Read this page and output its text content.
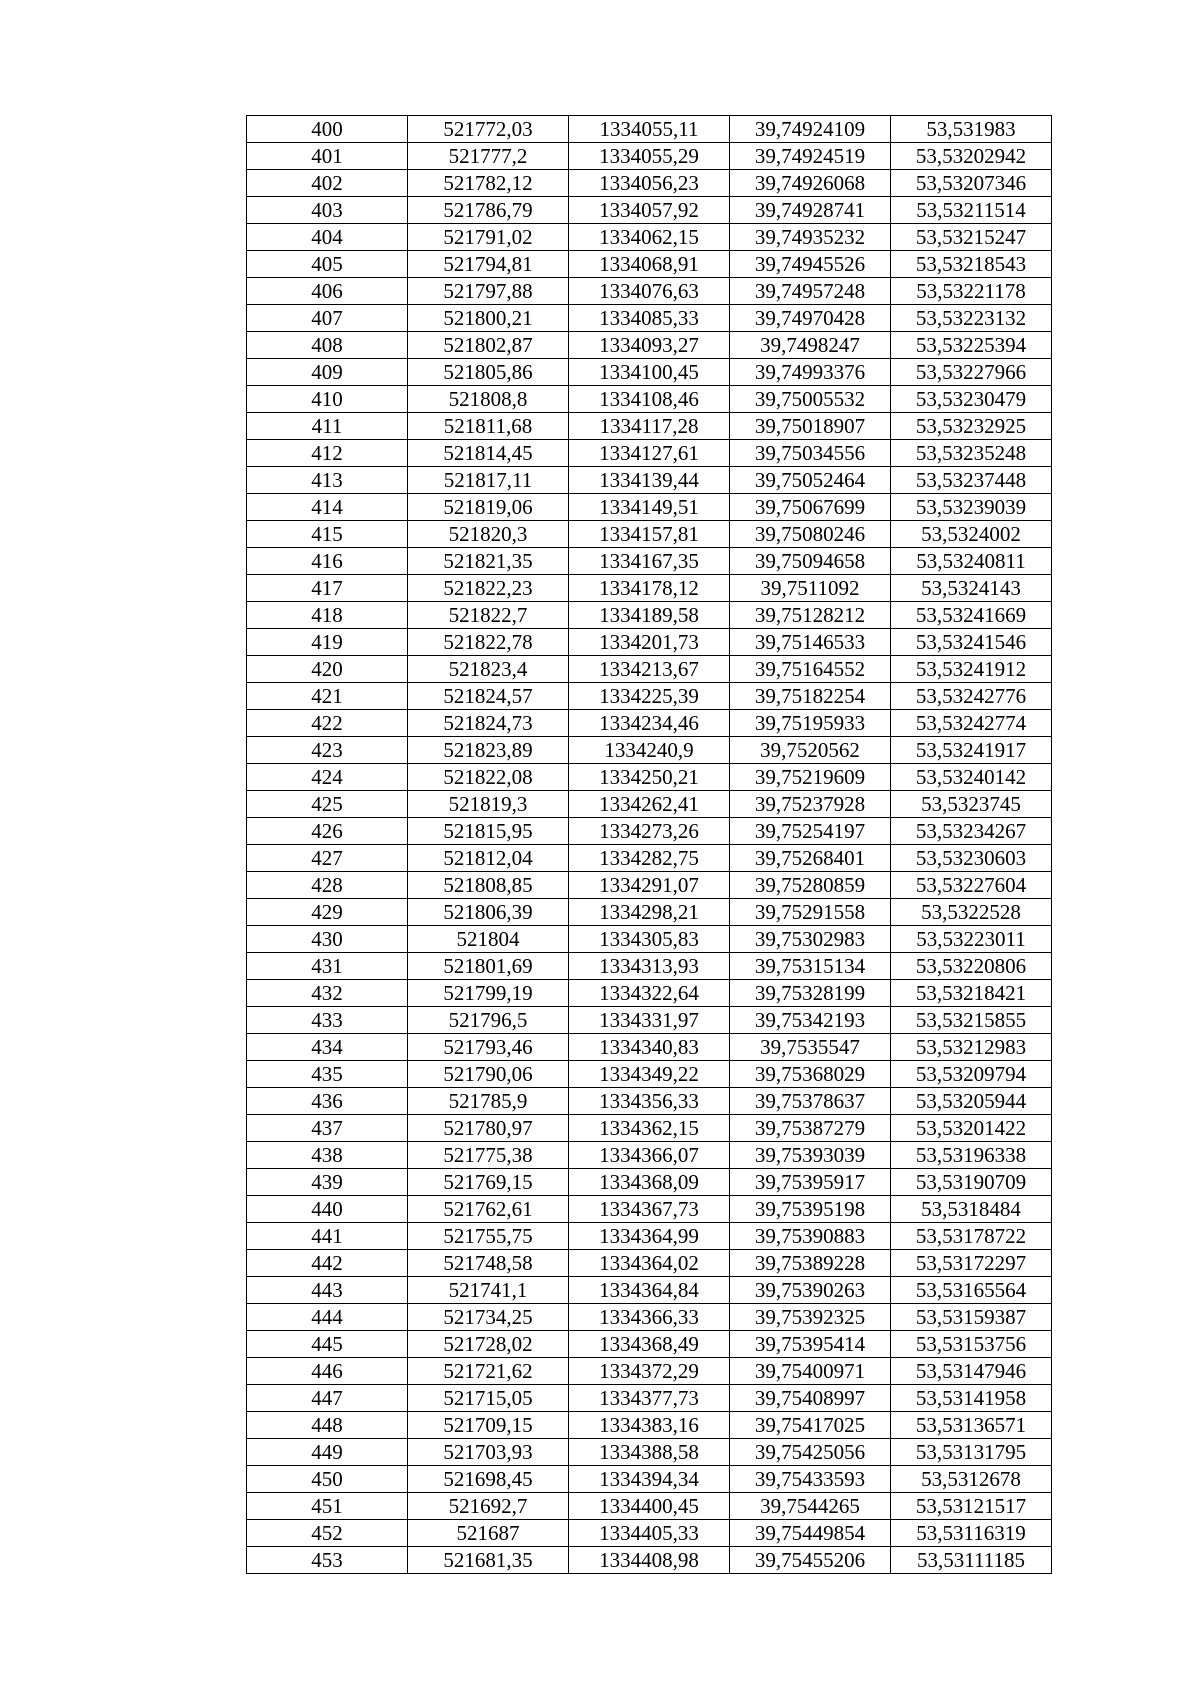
400	521772,03	1334055,11	39,74924109	53,531983
401	521777,2	1334055,29	39,74924519	53,53202942
402	521782,12	1334056,23	39,74926068	53,53207346
403	521786,79	1334057,92	39,74928741	53,53211514
404	521791,02	1334062,15	39,74935232	53,53215247
405	521794,81	1334068,91	39,74945526	53,53218543
406	521797,88	1334076,63	39,74957248	53,53221178
407	521800,21	1334085,33	39,74970428	53,53223132
408	521802,87	1334093,27	39,7498247	53,53225394
409	521805,86	1334100,45	39,74993376	53,53227966
410	521808,8	1334108,46	39,75005532	53,53230479
411	521811,68	1334117,28	39,75018907	53,53232925
412	521814,45	1334127,61	39,75034556	53,53235248
413	521817,11	1334139,44	39,75052464	53,53237448
414	521819,06	1334149,51	39,75067699	53,53239039
415	521820,3	1334157,81	39,75080246	53,5324002
416	521821,35	1334167,35	39,75094658	53,53240811
417	521822,23	1334178,12	39,7511092	53,5324143
418	521822,7	1334189,58	39,75128212	53,53241669
419	521822,78	1334201,73	39,75146533	53,53241546
420	521823,4	1334213,67	39,75164552	53,53241912
421	521824,57	1334225,39	39,75182254	53,53242776
422	521824,73	1334234,46	39,75195933	53,53242774
423	521823,89	1334240,9	39,7520562	53,53241917
424	521822,08	1334250,21	39,75219609	53,53240142
425	521819,3	1334262,41	39,75237928	53,5323745
426	521815,95	1334273,26	39,75254197	53,53234267
427	521812,04	1334282,75	39,75268401	53,53230603
428	521808,85	1334291,07	39,75280859	53,53227604
429	521806,39	1334298,21	39,75291558	53,5322528
430	521804	1334305,83	39,75302983	53,53223011
431	521801,69	1334313,93	39,75315134	53,53220806
432	521799,19	1334322,64	39,75328199	53,53218421
433	521796,5	1334331,97	39,75342193	53,53215855
434	521793,46	1334340,83	39,7535547	53,53212983
435	521790,06	1334349,22	39,75368029	53,53209794
436	521785,9	1334356,33	39,75378637	53,53205944
437	521780,97	1334362,15	39,75387279	53,53201422
438	521775,38	1334366,07	39,75393039	53,53196338
439	521769,15	1334368,09	39,75395917	53,53190709
440	521762,61	1334367,73	39,75395198	53,5318484
441	521755,75	1334364,99	39,75390883	53,53178722
442	521748,58	1334364,02	39,75389228	53,53172297
443	521741,1	1334364,84	39,75390263	53,53165564
444	521734,25	1334366,33	39,75392325	53,53159387
445	521728,02	1334368,49	39,75395414	53,53153756
446	521721,62	1334372,29	39,75400971	53,53147946
447	521715,05	1334377,73	39,75408997	53,53141958
448	521709,15	1334383,16	39,75417025	53,53136571
449	521703,93	1334388,58	39,75425056	53,53131795
450	521698,45	1334394,34	39,75433593	53,5312678
451	521692,7	1334400,45	39,7544265	53,53121517
452	521687	1334405,33	39,75449854	53,53116319
453	521681,35	1334408,98	39,75455206	53,53111185
